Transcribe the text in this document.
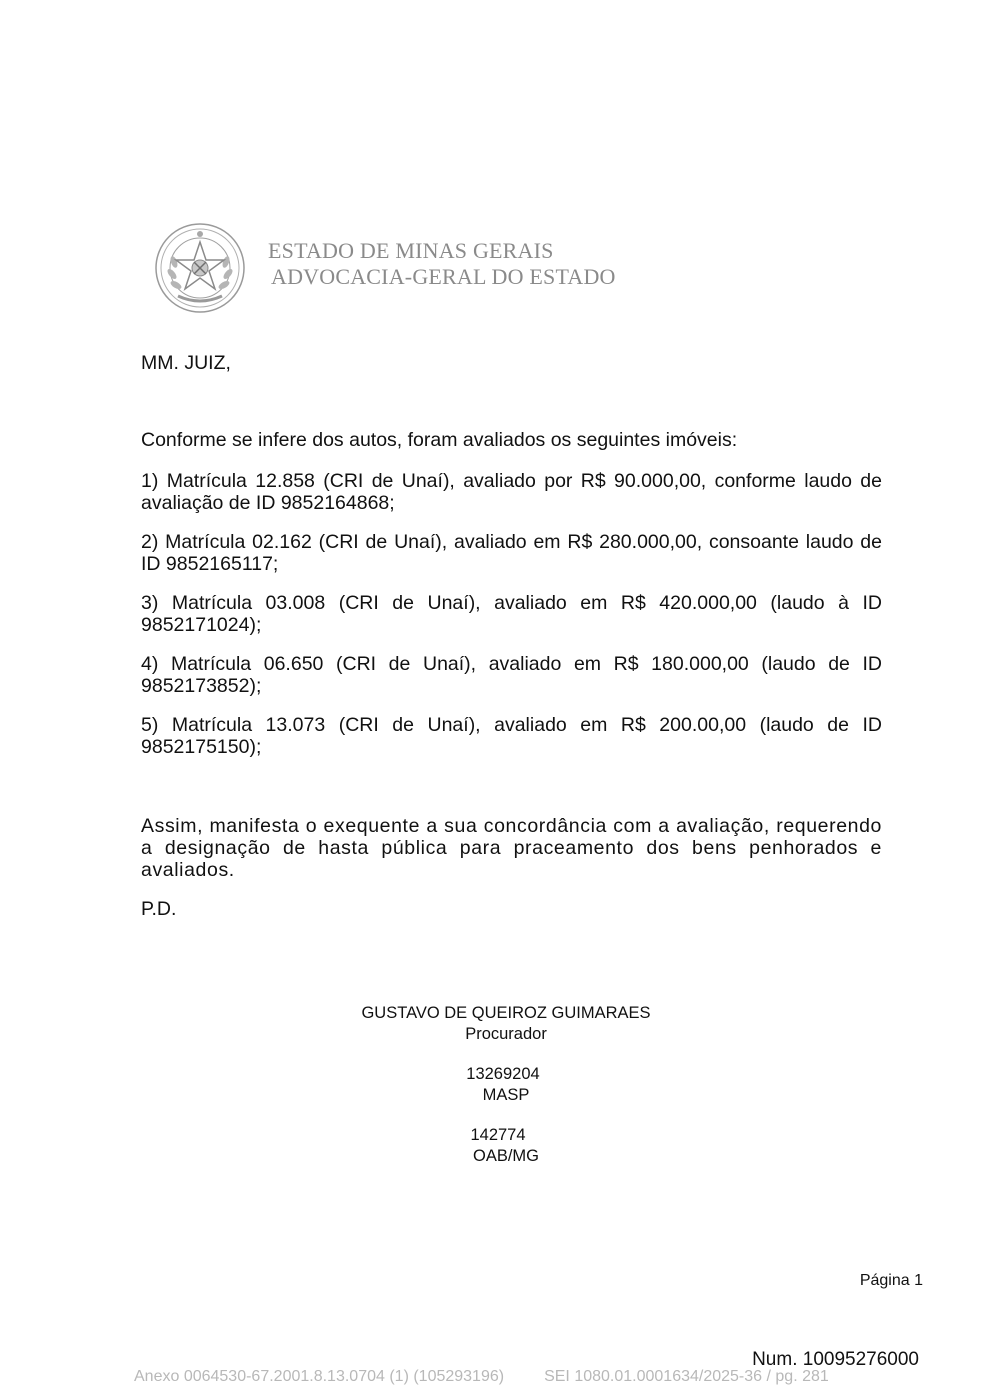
ESTADO DE MINAS GERAIS
ADVOCACIA-GERAL DO ESTADO
MM. JUIZ,
Conforme se infere dos autos, foram avaliados os seguintes imóveis:
1) Matrícula 12.858 (CRI de Unaí), avaliado por R$ 90.000,00, conforme laudo de avaliação de ID 9852164868;
2) Matrícula 02.162 (CRI de Unaí), avaliado em R$ 280.000,00, consoante laudo de ID 9852165117;
3) Matrícula 03.008 (CRI de Unaí), avaliado em R$ 420.000,00 (laudo à ID 9852171024);
4) Matrícula 06.650 (CRI de Unaí), avaliado em R$ 180.000,00 (laudo de ID 9852173852);
5) Matrícula 13.073 (CRI de Unaí), avaliado em R$ 200.00,00 (laudo de ID 9852175150);
Assim, manifesta o exequente a sua concordância com a avaliação, requerendo a designação de hasta pública para praceamento dos bens penhorados e avaliados.
P.D.
GUSTAVO DE QUEIROZ GUIMARAES
Procurador
13269204
MASP
142774
OAB/MG
Página 1
Num. 10095276000
Anexo 0064530-67.2001.8.13.0704 (1) (105293196)         SEI 1080.01.0001634/2025-36 / pg. 281
